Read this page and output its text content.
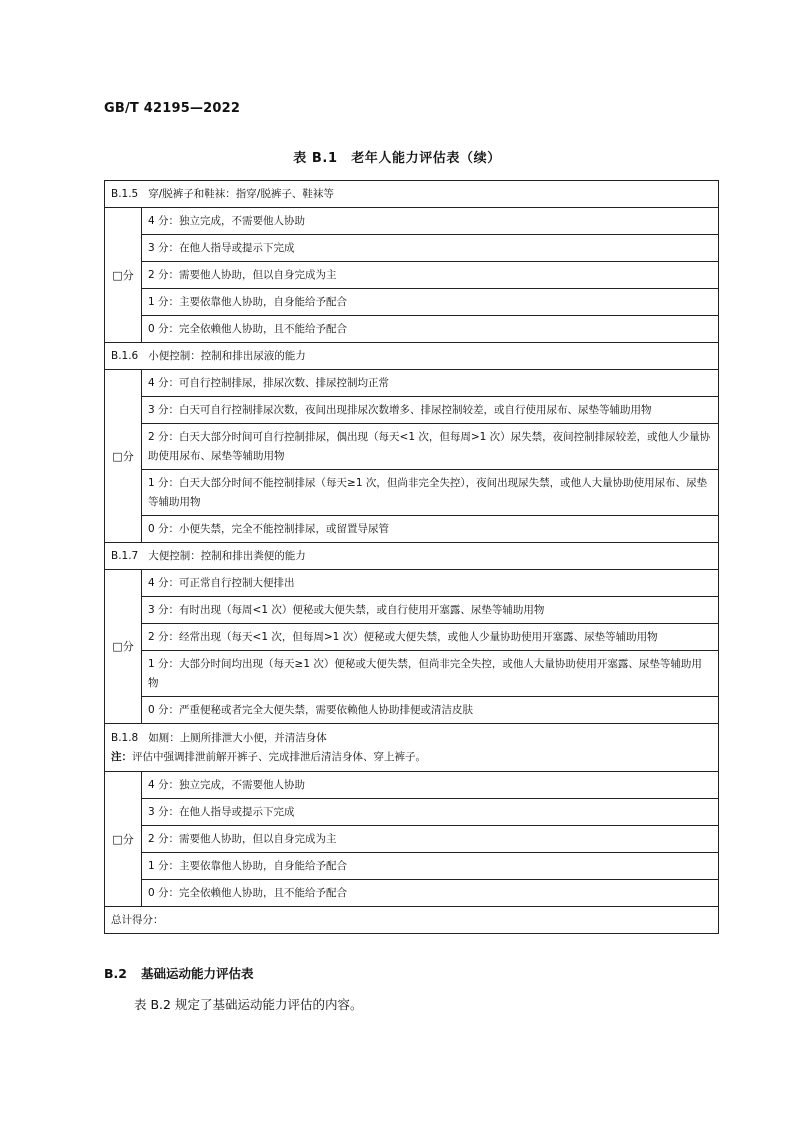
GB/T 42195—2022
表 B.1　老年人能力评估表（续）
B.1.5 穿/脱裤子和鞋袜：指穿/脱裤子、鞋袜等	
□分	4 分：独立完成，不需要他人协助
	3 分：在他人指导或提示下完成
	2 分：需要他人协助，但以自身完成为主
	1 分：主要依靠他人协助，自身能给予配合
	0 分：完全依赖他人协助，且不能给予配合
B.1.6 小便控制：控制和排出尿液的能力	
□分	4 分：可自行控制排尿，排尿次数、排尿控制均正常
	3 分：白天可自行控制排尿次数，夜间出现排尿次数增多、排尿控制较差，或自行使用尿布、尿垫等辅助用物
	2 分：白天大部分时间可自行控制排尿，偶出现（每天<1 次，但每周>1 次）尿失禁，夜间控制排尿较差，或他人少量协助使用尿布、尿垫等辅助用物
	1 分：白天大部分时间不能控制排尿（每天≥1 次，但尚非完全失控），夜间出现尿失禁，或他人大量协助使用尿布、尿垫等辅助用物
	0 分：小便失禁，完全不能控制排尿，或留置导尿管
B.1.7 大便控制：控制和排出粪便的能力	
□分	4 分：可正常自行控制大便排出
	3 分：有时出现（每周<1 次）便秘或大便失禁，或自行使用开塞露、尿垫等辅助用物
	2 分：经常出现（每天<1 次，但每周>1 次）便秘或大便失禁，或他人少量协助使用开塞露、尿垫等辅助用物
	1 分：大部分时间均出现（每天≥1 次）便秘或大便失禁，但尚非完全失控，或他人大量协助使用开塞露、尿垫等辅助用物
	0 分：严重便秘或者完全大便失禁，需要依赖他人协助排便或清洁皮肤

B.1.8 如厕：上厕所排泄大小便，并清洁身体
注：评估中强调排泄前解开裤子、完成排泄后清洁身体、穿上裤子。	

□分	4 分：独立完成，不需要他人协助
	3 分：在他人指导或提示下完成
	2 分：需要他人协助，但以自身完成为主
	1 分：主要依靠他人协助，自身能给予配合
	0 分：完全依赖他人协助，且不能给予配合
总计得分：	
B.2 基础运动能力评估表
表 B.2 规定了基础运动能力评估的内容。
